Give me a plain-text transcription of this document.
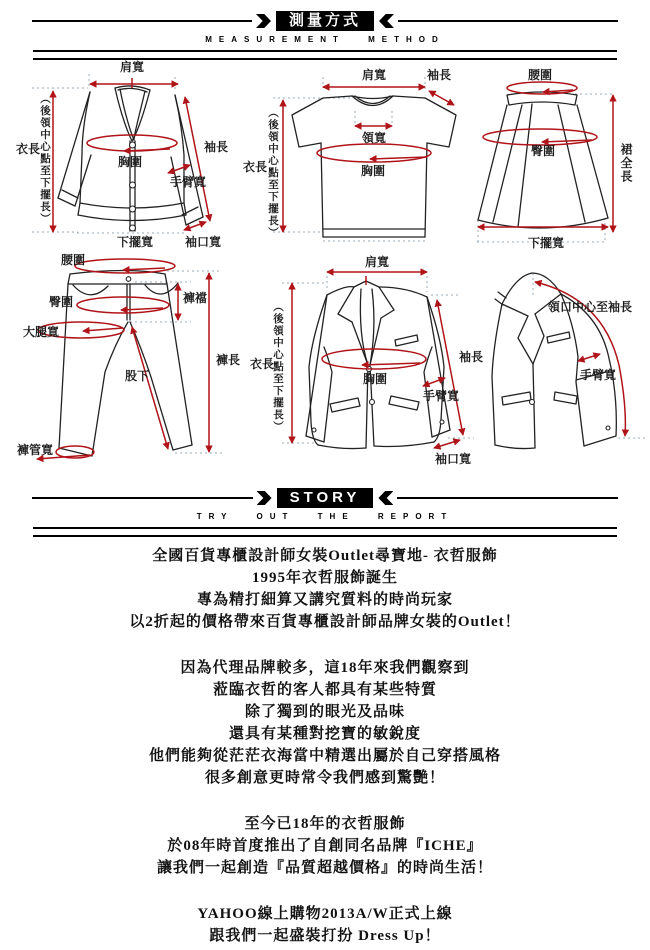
測量方式
MEASUREMENT METHOD
肩寬
衣長
（後領中心點至下擺長）	袖長
胸圍
手臂寬
下擺寬	袖口寬
肩寬	袖長
領寬
胸圍
衣長 （後領中心點至下擺長）
腰圍
臀圍	裙全長
下擺寬
腰圍
臀圍
大腿寬
褲襠
褲長
股下
褲管寬
肩寬
衣長
（後領中心點至下擺長）	袖長
胸圍
手臂寬
袖口寬
領口中心至袖長
手臂寬
STORY
TRY OUT THE REPORT
全國百貨專櫃設計師女裝Outlet尋寶地- 衣哲服飾
1995年衣哲服飾誕生
專為精打細算又講究質料的時尚玩家
以2折起的價格帶來百貨專櫃設計師品牌女裝的Outlet！
因為代理品牌較多，這18年來我們觀察到
蒞臨衣哲的客人都具有某些特質
除了獨到的眼光及品味
還具有某種對挖寶的敏銳度
他們能夠從茫茫衣海當中精選出屬於自己穿搭風格
很多創意更時常令我們感到驚艷！
至今已18年的衣哲服飾
於08年時首度推出了自創同名品牌『ICHE』
讓我們一起創造『品質超越價格』的時尚生活！
YAHOO線上購物2013A/W正式上線
跟我們一起盛裝打扮 Dress Up！
